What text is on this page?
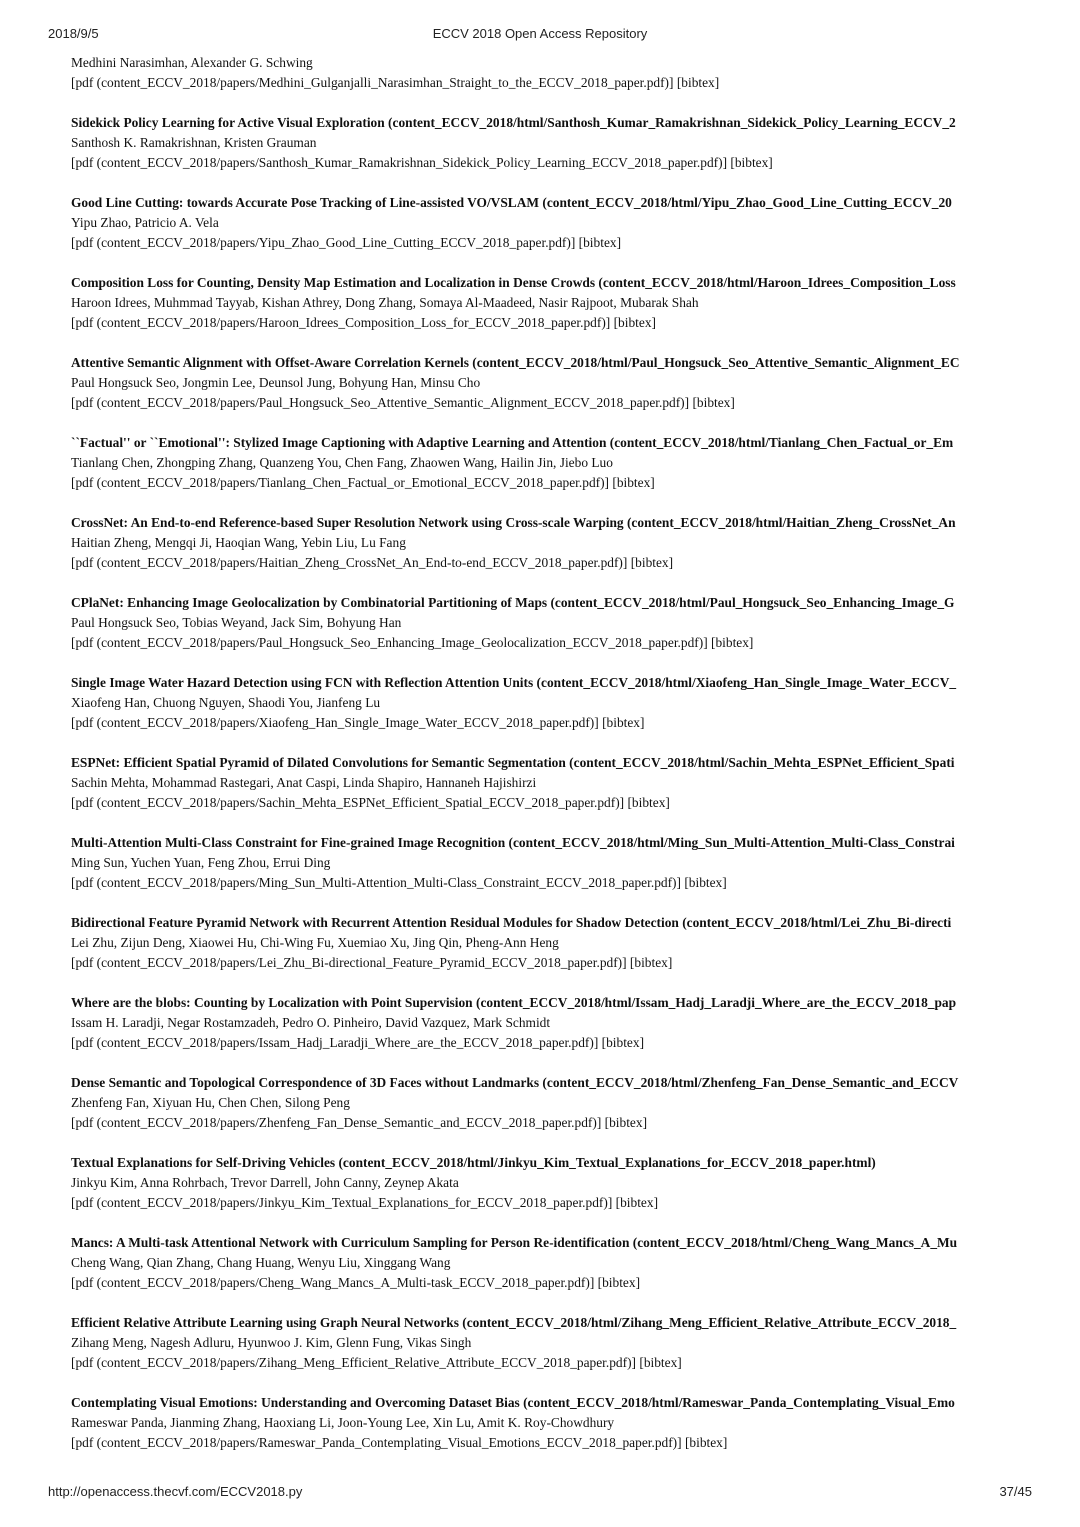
2018/9/5	ECCV 2018 Open Access Repository
Medhini Narasimhan, Alexander G. Schwing
[pdf (content_ECCV_2018/papers/Medhini_Gulganjalli_Narasimhan_Straight_to_the_ECCV_2018_paper.pdf)] [bibtex]
Sidekick Policy Learning for Active Visual Exploration (content_ECCV_2018/html/Santhosh_Kumar_Ramakrishnan_Sidekick_Policy_Learning_ECCV_2
Santhosh K. Ramakrishnan, Kristen Grauman
[pdf (content_ECCV_2018/papers/Santhosh_Kumar_Ramakrishnan_Sidekick_Policy_Learning_ECCV_2018_paper.pdf)] [bibtex]
Good Line Cutting: towards Accurate Pose Tracking of Line-assisted VO/VSLAM (content_ECCV_2018/html/Yipu_Zhao_Good_Line_Cutting_ECCV_20
Yipu Zhao, Patricio A. Vela
[pdf (content_ECCV_2018/papers/Yipu_Zhao_Good_Line_Cutting_ECCV_2018_paper.pdf)] [bibtex]
Composition Loss for Counting, Density Map Estimation and Localization in Dense Crowds (content_ECCV_2018/html/Haroon_Idrees_Composition_Loss
Haroon Idrees, Muhmmad Tayyab, Kishan Athrey, Dong Zhang, Somaya Al-Maadeed, Nasir Rajpoot, Mubarak Shah
[pdf (content_ECCV_2018/papers/Haroon_Idrees_Composition_Loss_for_ECCV_2018_paper.pdf)] [bibtex]
Attentive Semantic Alignment with Offset-Aware Correlation Kernels (content_ECCV_2018/html/Paul_Hongsuck_Seo_Attentive_Semantic_Alignment_EC
Paul Hongsuck Seo, Jongmin Lee, Deunsol Jung, Bohyung Han, Minsu Cho
[pdf (content_ECCV_2018/papers/Paul_Hongsuck_Seo_Attentive_Semantic_Alignment_ECCV_2018_paper.pdf)] [bibtex]
``Factual'' or ``Emotional'': Stylized Image Captioning with Adaptive Learning and Attention (content_ECCV_2018/html/Tianlang_Chen_Factual_or_Em
Tianlang Chen, Zhongping Zhang, Quanzeng You, Chen Fang, Zhaowen Wang, Hailin Jin, Jiebo Luo
[pdf (content_ECCV_2018/papers/Tianlang_Chen_Factual_or_Emotional_ECCV_2018_paper.pdf)] [bibtex]
CrossNet: An End-to-end Reference-based Super Resolution Network using Cross-scale Warping (content_ECCV_2018/html/Haitian_Zheng_CrossNet_An
Haitian Zheng, Mengqi Ji, Haoqian Wang, Yebin Liu, Lu Fang
[pdf (content_ECCV_2018/papers/Haitian_Zheng_CrossNet_An_End-to-end_ECCV_2018_paper.pdf)] [bibtex]
CPlaNet: Enhancing Image Geolocalization by Combinatorial Partitioning of Maps (content_ECCV_2018/html/Paul_Hongsuck_Seo_Enhancing_Image_G
Paul Hongsuck Seo, Tobias Weyand, Jack Sim, Bohyung Han
[pdf (content_ECCV_2018/papers/Paul_Hongsuck_Seo_Enhancing_Image_Geolocalization_ECCV_2018_paper.pdf)] [bibtex]
Single Image Water Hazard Detection using FCN with Reflection Attention Units (content_ECCV_2018/html/Xiaofeng_Han_Single_Image_Water_ECCV_
Xiaofeng Han, Chuong Nguyen, Shaodi You, Jianfeng Lu
[pdf (content_ECCV_2018/papers/Xiaofeng_Han_Single_Image_Water_ECCV_2018_paper.pdf)] [bibtex]
ESPNet: Efficient Spatial Pyramid of Dilated Convolutions for Semantic Segmentation (content_ECCV_2018/html/Sachin_Mehta_ESPNet_Efficient_Spati
Sachin Mehta, Mohammad Rastegari, Anat Caspi, Linda Shapiro, Hannaneh Hajishirzi
[pdf (content_ECCV_2018/papers/Sachin_Mehta_ESPNet_Efficient_Spatial_ECCV_2018_paper.pdf)] [bibtex]
Multi-Attention Multi-Class Constraint for Fine-grained Image Recognition (content_ECCV_2018/html/Ming_Sun_Multi-Attention_Multi-Class_Constrai
Ming Sun, Yuchen Yuan, Feng Zhou, Errui Ding
[pdf (content_ECCV_2018/papers/Ming_Sun_Multi-Attention_Multi-Class_Constraint_ECCV_2018_paper.pdf)] [bibtex]
Bidirectional Feature Pyramid Network with Recurrent Attention Residual Modules for Shadow Detection (content_ECCV_2018/html/Lei_Zhu_Bi-directi
Lei Zhu, Zijun Deng, Xiaowei Hu, Chi-Wing Fu, Xuemiao Xu, Jing Qin, Pheng-Ann Heng
[pdf (content_ECCV_2018/papers/Lei_Zhu_Bi-directional_Feature_Pyramid_ECCV_2018_paper.pdf)] [bibtex]
Where are the blobs: Counting by Localization with Point Supervision (content_ECCV_2018/html/Issam_Hadj_Laradji_Where_are_the_ECCV_2018_pap
Issam H. Laradji, Negar Rostamzadeh, Pedro O. Pinheiro, David Vazquez, Mark Schmidt
[pdf (content_ECCV_2018/papers/Issam_Hadj_Laradji_Where_are_the_ECCV_2018_paper.pdf)] [bibtex]
Dense Semantic and Topological Correspondence of 3D Faces without Landmarks (content_ECCV_2018/html/Zhenfeng_Fan_Dense_Semantic_and_ECCV
Zhenfeng Fan, Xiyuan Hu, Chen Chen, Silong Peng
[pdf (content_ECCV_2018/papers/Zhenfeng_Fan_Dense_Semantic_and_ECCV_2018_paper.pdf)] [bibtex]
Textual Explanations for Self-Driving Vehicles (content_ECCV_2018/html/Jinkyu_Kim_Textual_Explanations_for_ECCV_2018_paper.html)
Jinkyu Kim, Anna Rohrbach, Trevor Darrell, John Canny, Zeynep Akata
[pdf (content_ECCV_2018/papers/Jinkyu_Kim_Textual_Explanations_for_ECCV_2018_paper.pdf)] [bibtex]
Mancs: A Multi-task Attentional Network with Curriculum Sampling for Person Re-identification (content_ECCV_2018/html/Cheng_Wang_Mancs_A_Mu
Cheng Wang, Qian Zhang, Chang Huang, Wenyu Liu, Xinggang Wang
[pdf (content_ECCV_2018/papers/Cheng_Wang_Mancs_A_Multi-task_ECCV_2018_paper.pdf)] [bibtex]
Efficient Relative Attribute Learning using Graph Neural Networks (content_ECCV_2018/html/Zihang_Meng_Efficient_Relative_Attribute_ECCV_2018_
Zihang Meng, Nagesh Adluru, Hyunwoo J. Kim, Glenn Fung, Vikas Singh
[pdf (content_ECCV_2018/papers/Zihang_Meng_Efficient_Relative_Attribute_ECCV_2018_paper.pdf)] [bibtex]
Contemplating Visual Emotions: Understanding and Overcoming Dataset Bias (content_ECCV_2018/html/Rameswar_Panda_Contemplating_Visual_Emo
Rameswar Panda, Jianming Zhang, Haoxiang Li, Joon-Young Lee, Xin Lu, Amit K. Roy-Chowdhury
[pdf (content_ECCV_2018/papers/Rameswar_Panda_Contemplating_Visual_Emotions_ECCV_2018_paper.pdf)] [bibtex]
http://openaccess.thecvf.com/ECCV2018.py	37/45
